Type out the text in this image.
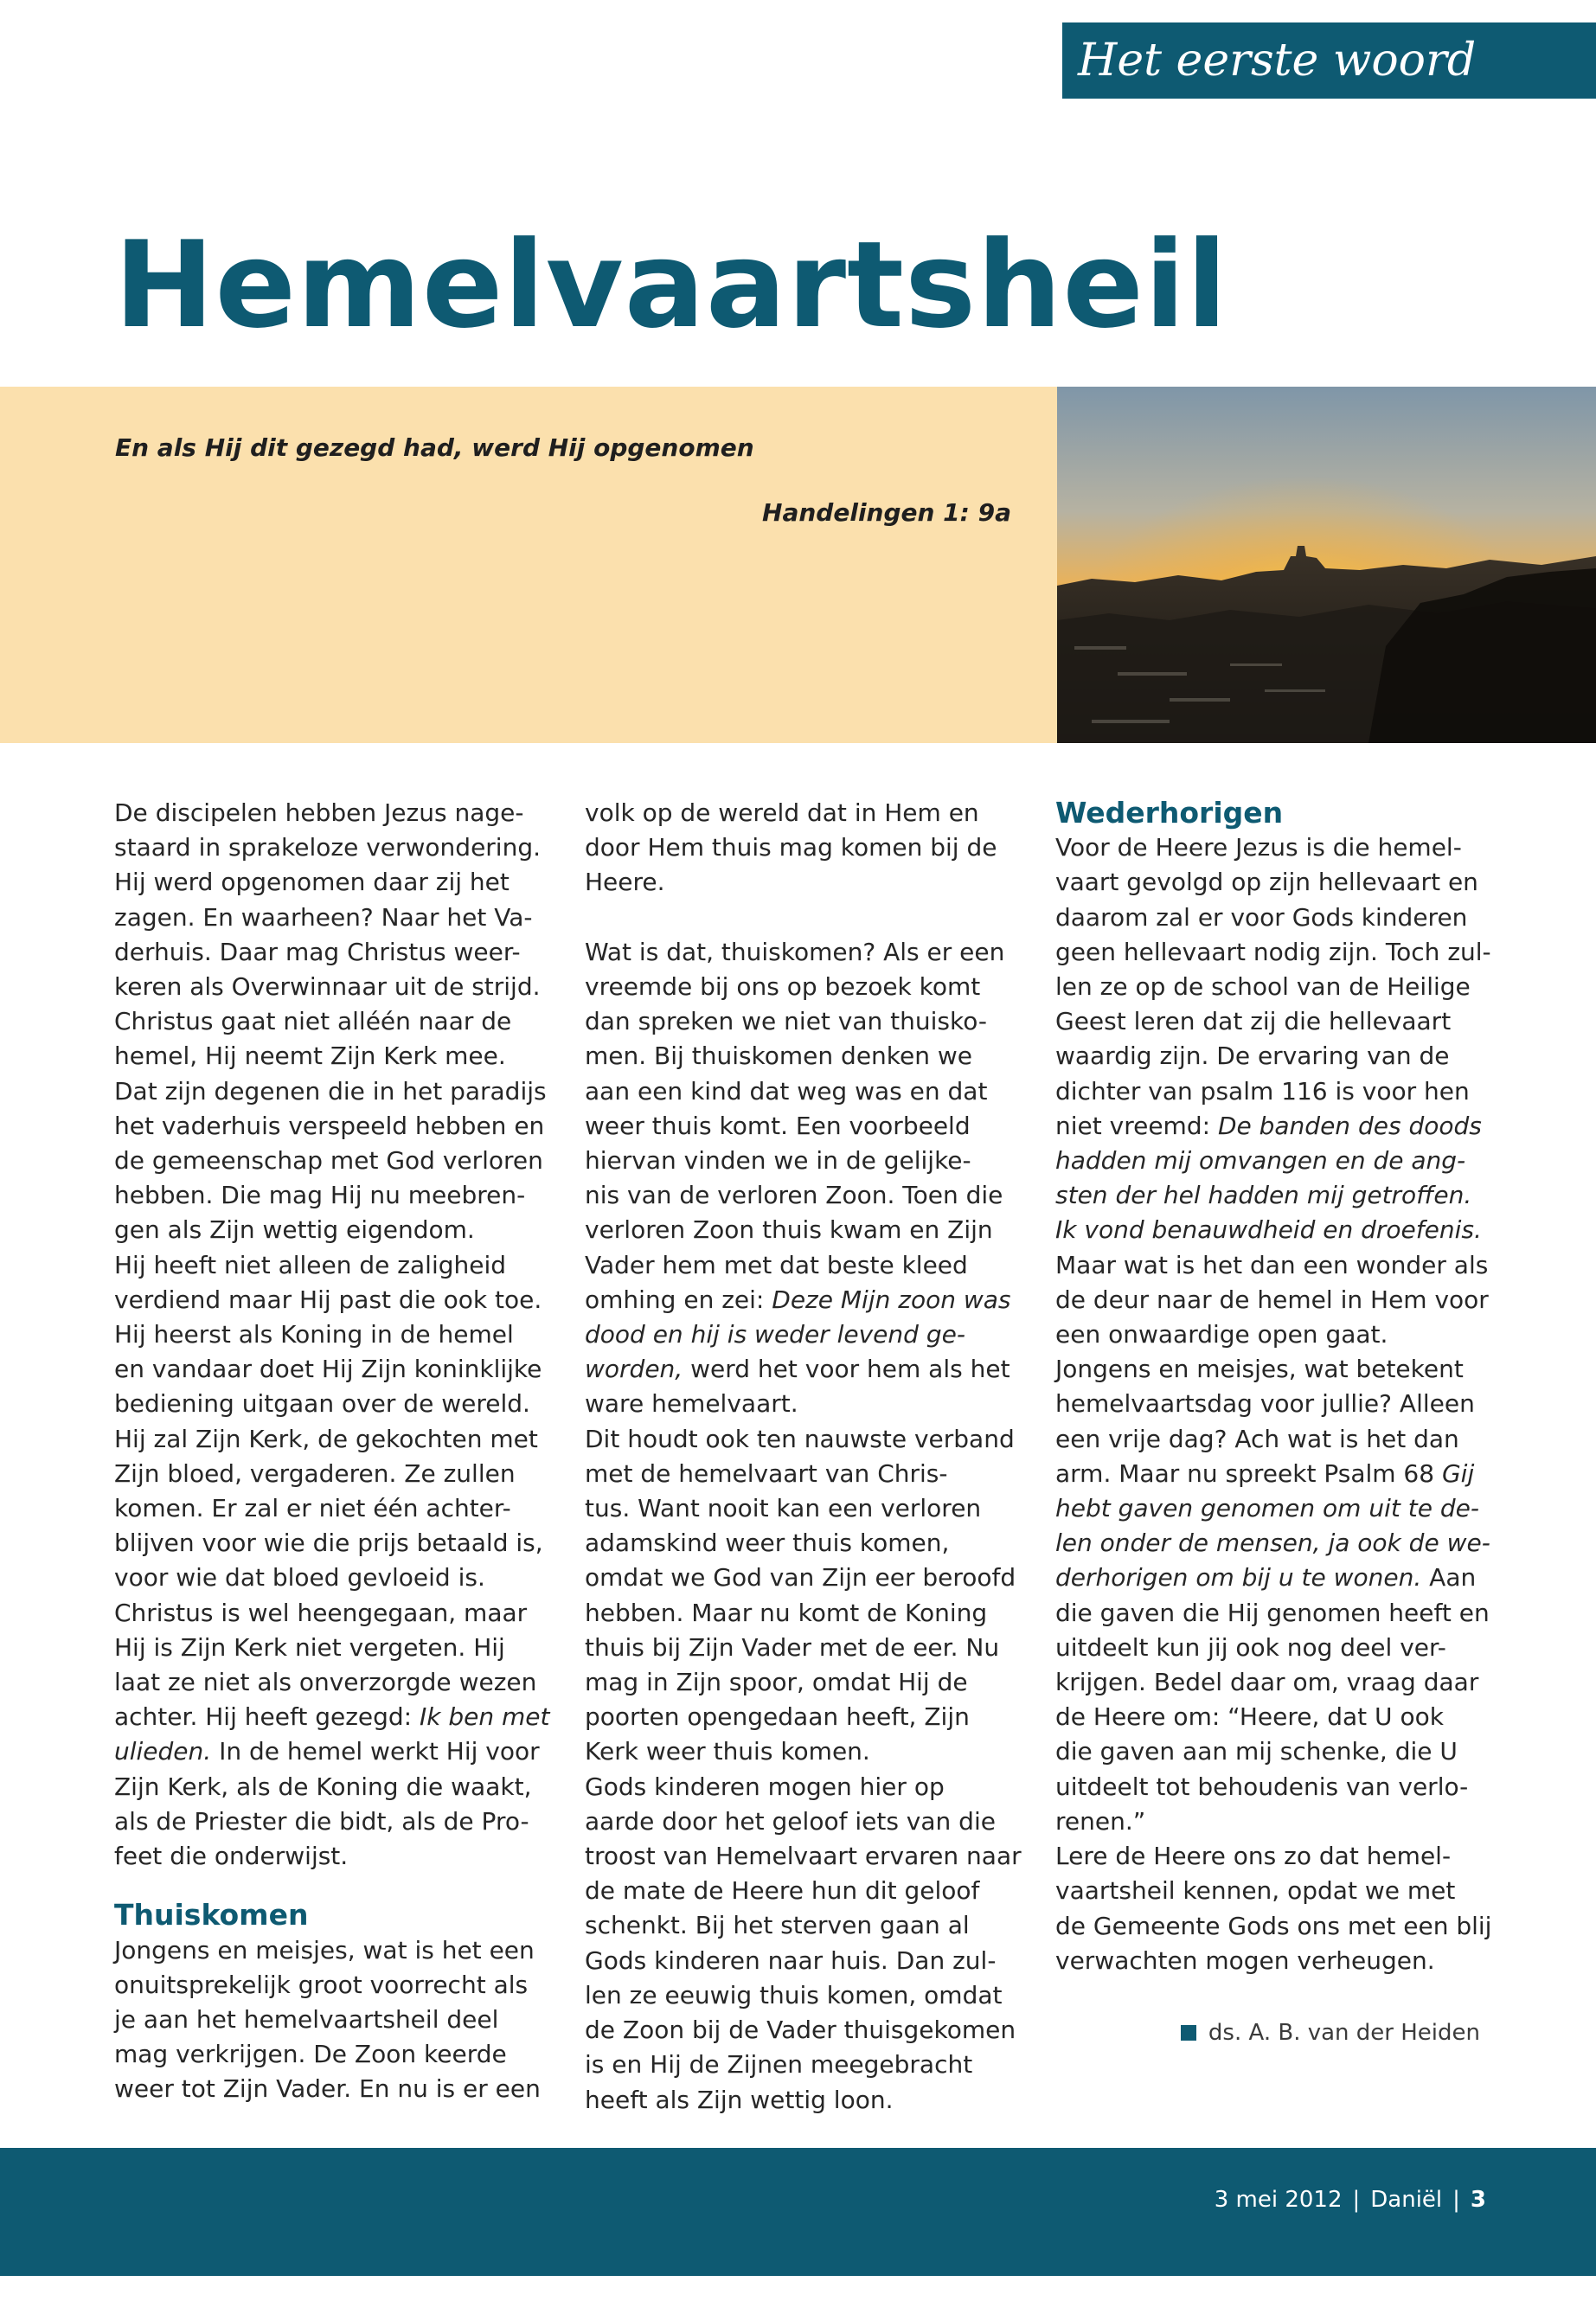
Het eerste woord
Hemelvaartsheil

En als Hij dit gezegd had, werd Hij opgenomen

Handelingen 1: 9a

De discipelen hebben Jezus nage-
staard in sprakeloze verwondering.
Hij werd opgenomen daar zij het
zagen. En waarheen? Naar het Va-
derhuis. Daar mag Christus weer-
keren als Overwinnaar uit de strijd.
Christus gaat niet alléén naar de
hemel, Hij neemt Zijn Kerk mee.
Dat zijn degenen die in het paradijs
het vaderhuis verspeeld hebben en
de gemeenschap met God verloren
hebben. Die mag Hij nu meebren-
gen als Zijn wettig eigendom.
Hij heeft niet alleen de zaligheid
verdiend maar Hij past die ook toe.
Hij heerst als Koning in de hemel
en vandaar doet Hij Zijn koninklijke
bediening uitgaan over de wereld.
Hij zal Zijn Kerk, de gekochten met
Zijn bloed, vergaderen. Ze zullen
komen. Er zal er niet één achter-
blijven voor wie die prijs betaald is,
voor wie dat bloed gevloeid is.
Christus is wel heengegaan, maar
Hij is Zijn Kerk niet vergeten. Hij
laat ze niet als onverzorgde wezen
achter. Hij heeft gezegd: Ik ben met
ulieden. In de hemel werkt Hij voor
Zijn Kerk, als de Koning die waakt,
als de Priester die bidt, als de Pro-
feet die onderwijst.
Thuiskomen
Jongens en meisjes, wat is het een
onuitsprekelijk groot voorrecht als
je aan het hemelvaartsheil deel
mag verkrijgen. De Zoon keerde
weer tot Zijn Vader. En nu is er een
volk op de wereld dat in Hem en
door Hem thuis mag komen bij de
Heere.
Wat is dat, thuiskomen? Als er een
vreemde bij ons op bezoek komt
dan spreken we niet van thuisko-
men. Bij thuiskomen denken we
aan een kind dat weg was en dat
weer thuis komt. Een voorbeeld
hiervan vinden we in de gelijke-
nis van de verloren Zoon. Toen die
verloren Zoon thuis kwam en Zijn
Vader hem met dat beste kleed
omhing en zei: Deze Mijn zoon was
dood en hij is weder levend ge-
worden, werd het voor hem als het
ware hemelvaart.
Dit houdt ook ten nauwste verband
met de hemelvaart van Chris-
tus. Want nooit kan een verloren
adamskind weer thuis komen,
omdat we God van Zijn eer beroofd
hebben. Maar nu komt de Koning
thuis bij Zijn Vader met de eer. Nu
mag in Zijn spoor, omdat Hij de
poorten opengedaan heeft, Zijn
Kerk weer thuis komen.
Gods kinderen mogen hier op
aarde door het geloof iets van die
troost van Hemelvaart ervaren naar
de mate de Heere hun dit geloof
schenkt. Bij het sterven gaan al
Gods kinderen naar huis. Dan zul-
len ze eeuwig thuis komen, omdat
de Zoon bij de Vader thuisgekomen
is en Hij de Zijnen meegebracht
heeft als Zijn wettig loon.
Wederhorigen
Voor de Heere Jezus is die hemel-
vaart gevolgd op zijn hellevaart en
daarom zal er voor Gods kinderen
geen hellevaart nodig zijn. Toch zul-
len ze op de school van de Heilige
Geest leren dat zij die hellevaart
waardig zijn. De ervaring van de
dichter van psalm 116 is voor hen
niet vreemd: De banden des doods
hadden mij omvangen en de ang-
sten der hel hadden mij getroffen.
Ik vond benauwdheid en droefenis.
Maar wat is het dan een wonder als
de deur naar de hemel in Hem voor
een onwaardige open gaat.
Jongens en meisjes, wat betekent
hemelvaartsdag voor jullie? Alleen
een vrije dag? Ach wat is het dan
arm. Maar nu spreekt Psalm 68 Gij
hebt gaven genomen om uit te de-
len onder de mensen, ja ook de we-
derhorigen om bij u te wonen. Aan
die gaven die Hij genomen heeft en
uitdeelt kun jij ook nog deel ver-
krijgen. Bedel daar om, vraag daar
de Heere om: “Heere, dat U ook
die gaven aan mij schenke, die U
uitdeelt tot behoudenis van verlo-
renen.”
Lere de Heere ons zo dat hemel-
vaartsheil kennen, opdat we met
de Gemeente Gods ons met een blij
verwachten mogen verheugen.
ds. A. B. van der Heiden
3 mei 2012 | Daniël | 3
